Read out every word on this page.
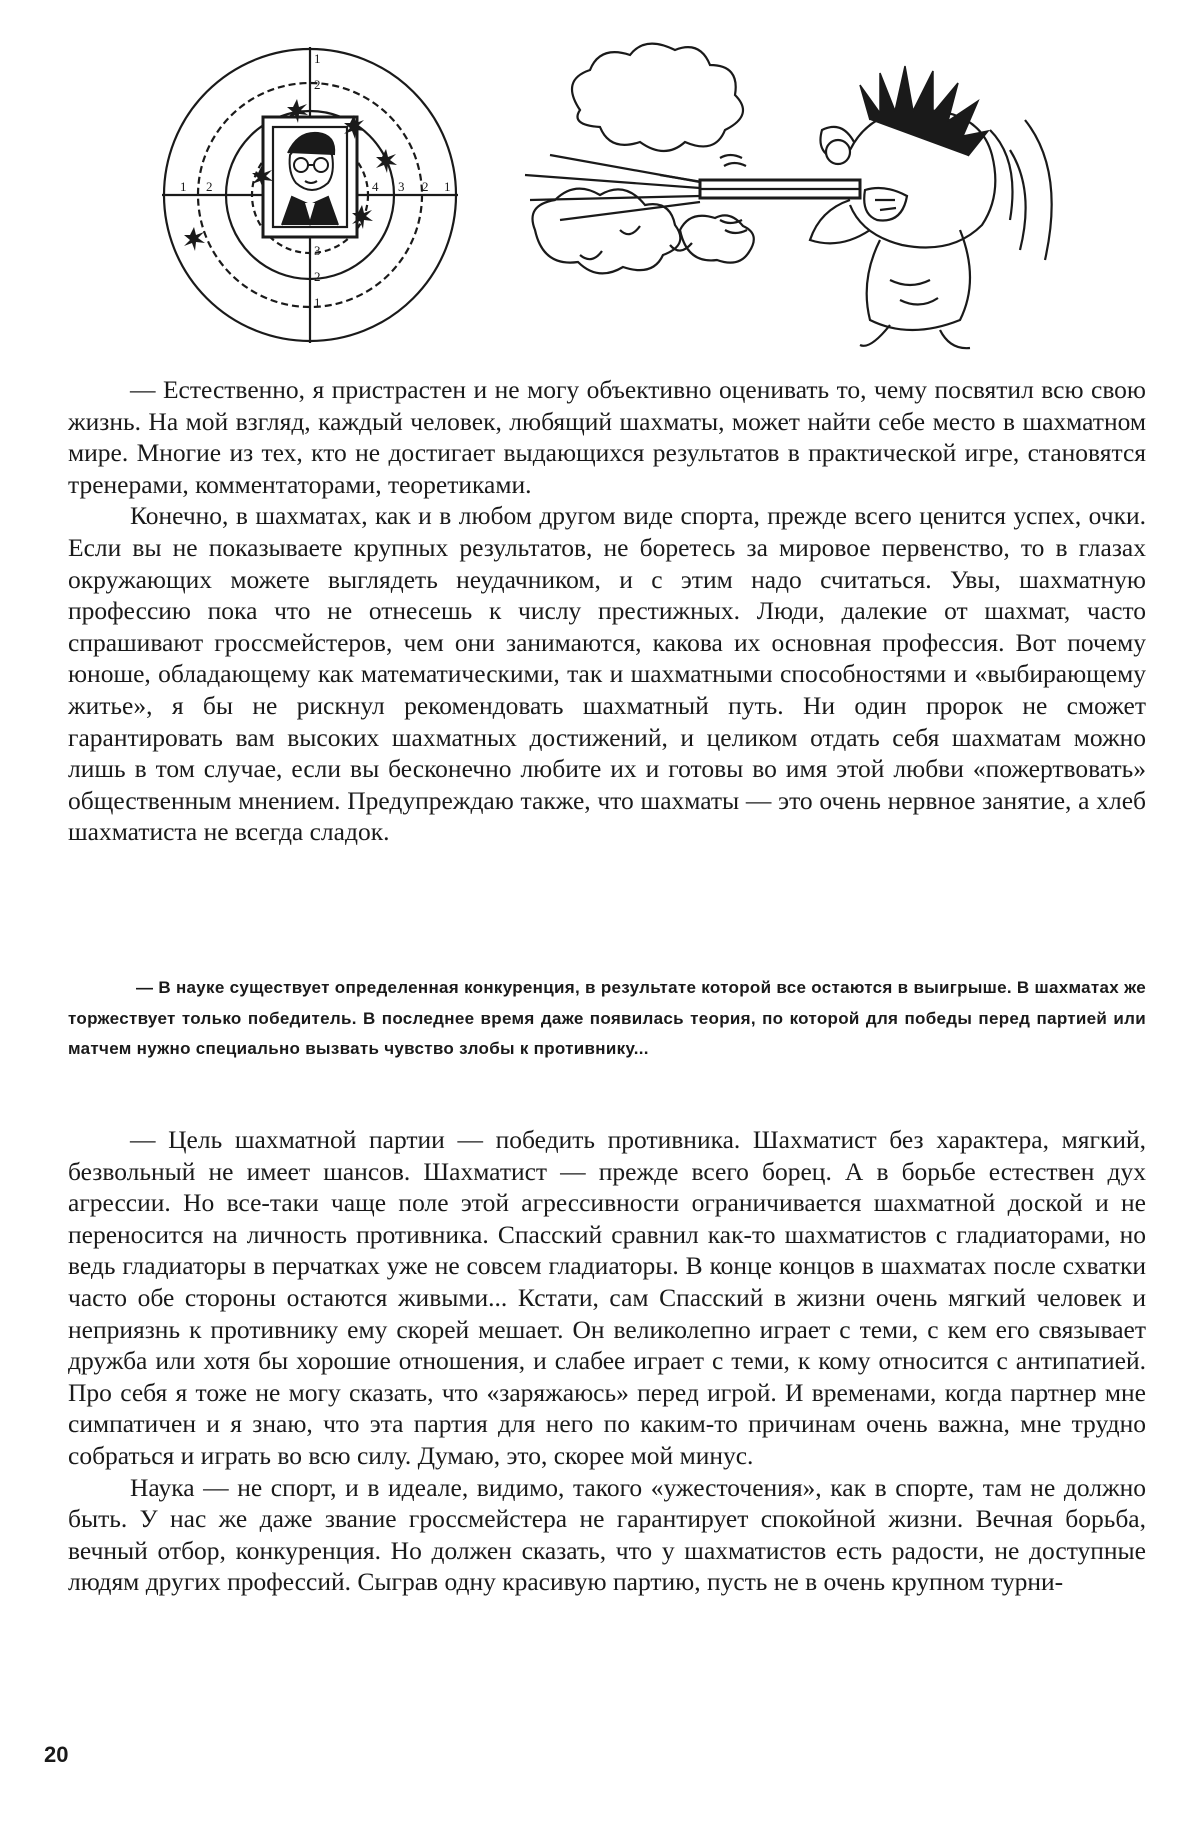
1 2	4 3 2 1
1
2
3
2
1

— Естественно, я пристрастен и не могу объективно оценивать то, чему посвятил всю свою жизнь. На мой взгляд, каждый человек, любящий шахматы, может найти себе место в шахматном мире. Многие из тех, кто не достигает выдающихся результатов в практической игре, становятся тренерами, комментаторами, теоретиками.

Конечно, в шахматах, как и в любом другом виде спорта, прежде всего ценится успех, очки. Если вы не показываете крупных результатов, не боретесь за мировое первенство, то в глазах окружающих можете выглядеть неудачником, и с этим надо считаться. Увы, шахматную профессию пока что не отнесешь к числу престижных. Люди, далекие от шахмат, часто спрашивают гроссмейстеров, чем они занимаются, какова их основная профессия. Вот почему юноше, обладающему как математическими, так и шахматными способностями и «выбирающему житье», я бы не рискнул рекомендовать шахматный путь. Ни один пророк не сможет гарантировать вам высоких шахматных достижений, и целиком отдать себя шахматам можно лишь в том случае, если вы бесконечно любите их и готовы во имя этой любви «пожертвовать» общественным мнением. Предупреждаю также, что шахматы — это очень нервное занятие, а хлеб шахматиста не всегда сладок.

— В науке существует определенная конкуренция, в результате которой все остаются в выигрыше. В шахматах же торжествует только победитель. В последнее время даже появилась теория, по которой для победы перед партией или матчем нужно специально вызвать чувство злобы к противнику...

— Цель шахматной партии — победить противника. Шахматист без характера, мягкий, безвольный не имеет шансов. Шахматист — прежде всего борец. А в борьбе естествен дух агрессии. Но все-таки чаще поле этой агрессивности ограничивается шахматной доской и не переносится на личность противника. Спасский сравнил как-то шахматистов с гладиаторами, но ведь гладиаторы в перчатках уже не совсем гладиаторы. В конце концов в шахматах после схватки часто обе стороны остаются живыми... Кстати, сам Спасский в жизни очень мягкий человек и неприязнь к противнику ему скорей мешает. Он великолепно играет с теми, с кем его связывает дружба или хотя бы хорошие отношения, и слабее играет с теми, к кому относится с антипатией. Про себя я тоже не могу сказать, что «заряжаюсь» перед игрой. И временами, когда партнер мне симпатичен и я знаю, что эта партия для него по каким-то причинам очень важна, мне трудно собраться и играть во всю силу. Думаю, это, скорее мой минус.

Наука — не спорт, и в идеале, видимо, такого «ужесточения», как в спорте, там не должно быть. У нас же даже звание гроссмейстера не гарантирует спокойной жизни. Вечная борьба, вечный отбор, конкуренция. Но должен сказать, что у шахматистов есть радости, не доступные людям других профессий. Сыграв одну красивую партию, пусть не в очень крупном турни-

20
